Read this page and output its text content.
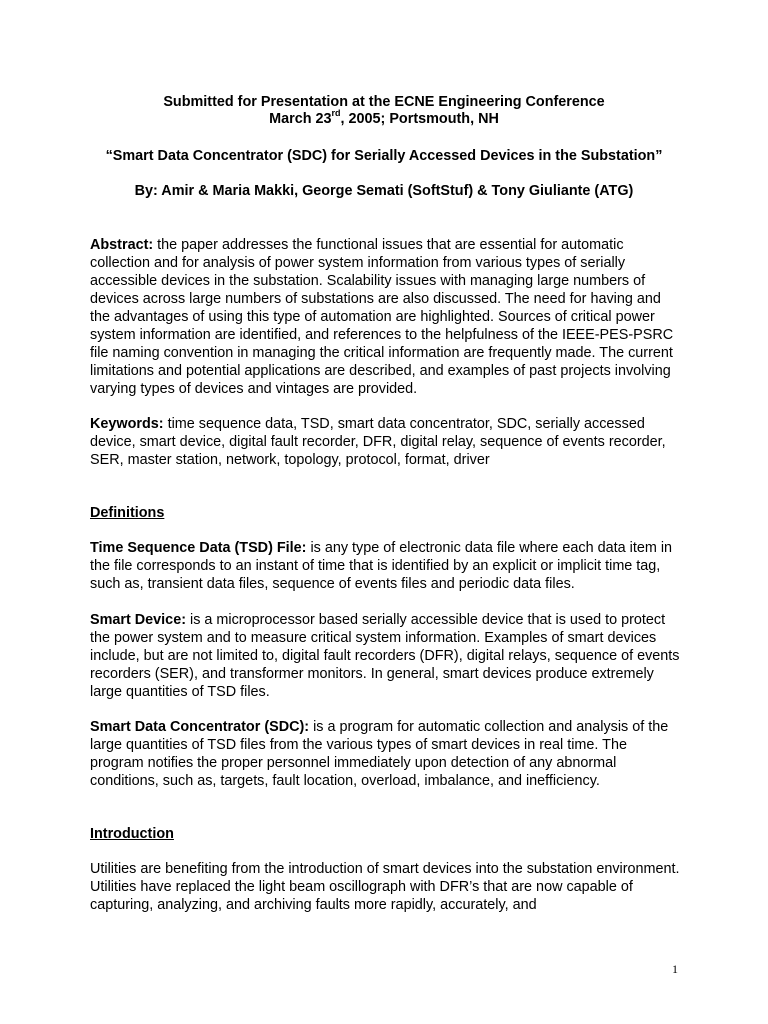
Submitted for Presentation at the ECNE Engineering Conference
March 23rd, 2005; Portsmouth, NH
“Smart Data Concentrator (SDC) for Serially Accessed Devices in the Substation”
By: Amir & Maria Makki, George Semati (SoftStuf) & Tony Giuliante (ATG)
Abstract: the paper addresses the functional issues that are essential for automatic collection and for analysis of power system information from various types of serially accessible devices in the substation. Scalability issues with managing large numbers of devices across large numbers of substations are also discussed. The need for having and the advantages of using this type of automation are highlighted. Sources of critical power system information are identified, and references to the helpfulness of the IEEE-PES-PSRC file naming convention in managing the critical information are frequently made. The current limitations and potential applications are described, and examples of past projects involving varying types of devices and vintages are provided.
Keywords: time sequence data, TSD, smart data concentrator, SDC, serially accessed device, smart device, digital fault recorder, DFR, digital relay, sequence of events recorder, SER, master station, network, topology, protocol, format, driver
Definitions
Time Sequence Data (TSD) File: is any type of electronic data file where each data item in the file corresponds to an instant of time that is identified by an explicit or implicit time tag, such as, transient data files, sequence of events files and periodic data files.
Smart Device: is a microprocessor based serially accessible device that is used to protect the power system and to measure critical system information. Examples of smart devices include, but are not limited to, digital fault recorders (DFR), digital relays, sequence of events recorders (SER), and transformer monitors. In general, smart devices produce extremely large quantities of TSD files.
Smart Data Concentrator (SDC): is a program for automatic collection and analysis of the large quantities of TSD files from the various types of smart devices in real time. The program notifies the proper personnel immediately upon detection of any abnormal conditions, such as, targets, fault location, overload, imbalance, and inefficiency.
Introduction
Utilities are benefiting from the introduction of smart devices into the substation environment. Utilities have replaced the light beam oscillograph with DFR’s that are now capable of capturing, analyzing, and archiving faults more rapidly, accurately, and
1
